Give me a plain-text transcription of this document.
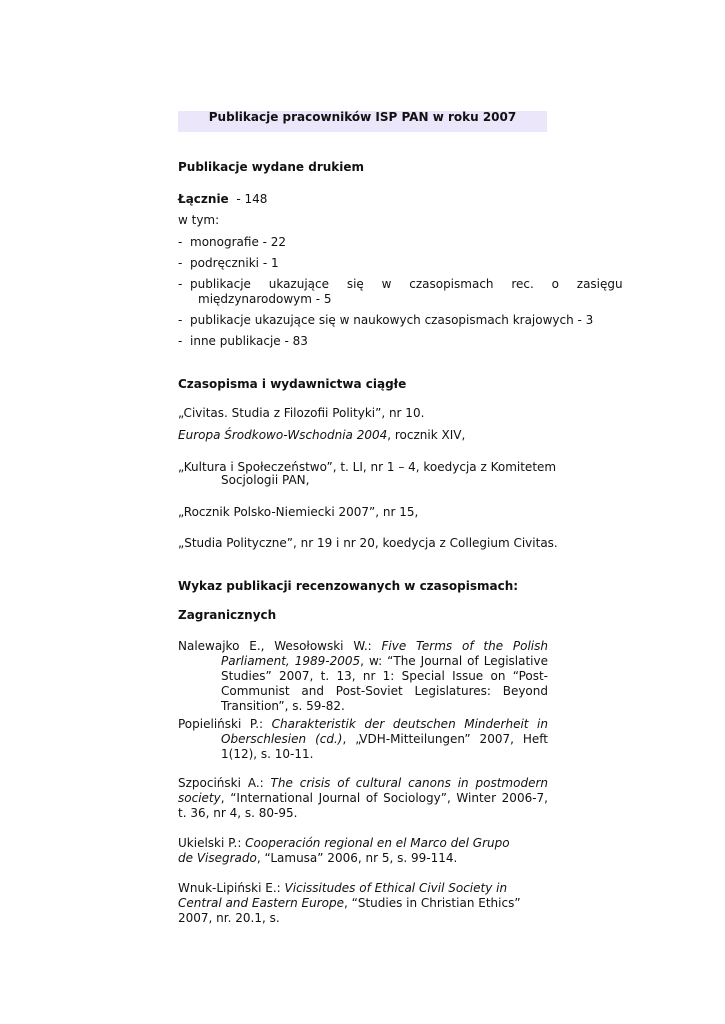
Publikacje pracowników ISP PAN w roku 2007
Publikacje wydane drukiem
Łącznie - 148
w tym:
- monografie - 22
- podręczniki - 1
- publikacje ukazujące się w czasopismach rec. o zasięgu
międzynarodowym - 5
- publikacje ukazujące się w naukowych czasopismach krajowych - 3
- inne publikacje - 83
Czasopisma i wydawnictwa ciągłe
„Civitas. Studia z Filozofii Polityki”, nr 10.
Europa Środkowo-Wschodnia 2004, rocznik XIV,
„Kultura i Społeczeństwo”, t. LI, nr 1 – 4, koedycja z Komitetem
Socjologii PAN,
„Rocznik Polsko-Niemiecki 2007”, nr 15,
„Studia Polityczne”, nr 19 i nr 20, koedycja z Collegium Civitas.
Wykaz publikacji recenzowanych w czasopismach:
Zagranicznych
Nalewajko E., Wesołowski W.: Five Terms of the Polish Parliament, 1989-2005, w: “The Journal of Legislative Studies” 2007, t. 13, nr 1: Special Issue on “Post-Communist and Post-Soviet Legislatures: Beyond Transition”, s. 59-82.
Popieliński P.: Charakteristik der deutschen Minderheit in Oberschlesien (cd.), „VDH-Mitteilungen” 2007, Heft 1(12), s. 10-11.
Szpociński A.: The crisis of cultural canons in postmodern society, “International Journal of Sociology”, Winter 2006-7, t. 36, nr 4, s. 80-95.
Ukielski P.: Cooperación regional en el Marco del Grupo de Visegrado, “Lamusa” 2006, nr 5, s. 99-114.
Wnuk-Lipiński E.: Vicissitudes of Ethical Civil Society in Central and Eastern Europe, “Studies in Christian Ethics” 2007, nr. 20.1, s.
